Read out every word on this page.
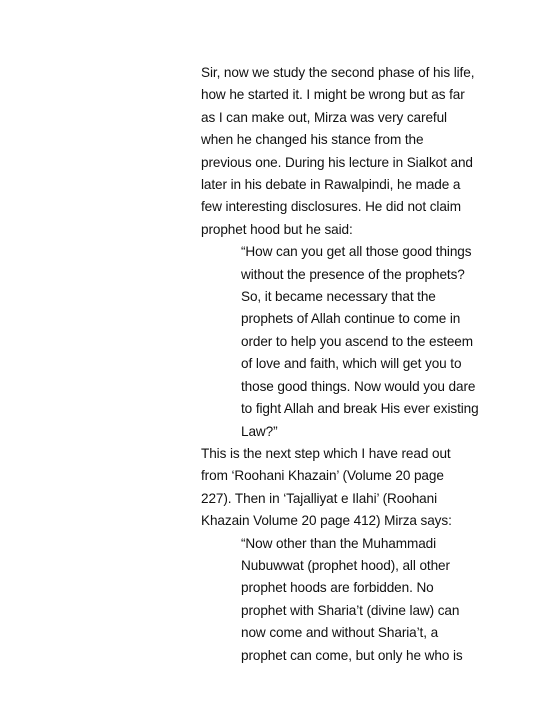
Sir, now we study the second phase of his life,
how he started it. I might be wrong but as far
as I can make out, Mirza was very careful
when he changed his stance from the
previous one. During his lecture in Sialkot and
later in his debate in Rawalpindi, he made a
few interesting disclosures. He did not claim
prophet hood but he said:
“How can you get all those good things
without the presence of the prophets?
So, it became necessary that the
prophets of Allah continue to come in
order to help you ascend to the esteem
of love and faith, which will get you to
those good things. Now would you dare
to fight Allah and break His ever existing
Law?”
This is the next step which I have read out
from ‘Roohani Khazain’ (Volume 20 page
227). Then in ‘Tajalliyat e Ilahi’ (Roohani
Khazain Volume 20 page 412) Mirza says:
“Now other than the Muhammadi
Nubuwwat (prophet hood), all other
prophet hoods are forbidden. No
prophet with Sharia’t (divine law) can
now come and without Sharia’t, a
prophet can come, but only he who is
